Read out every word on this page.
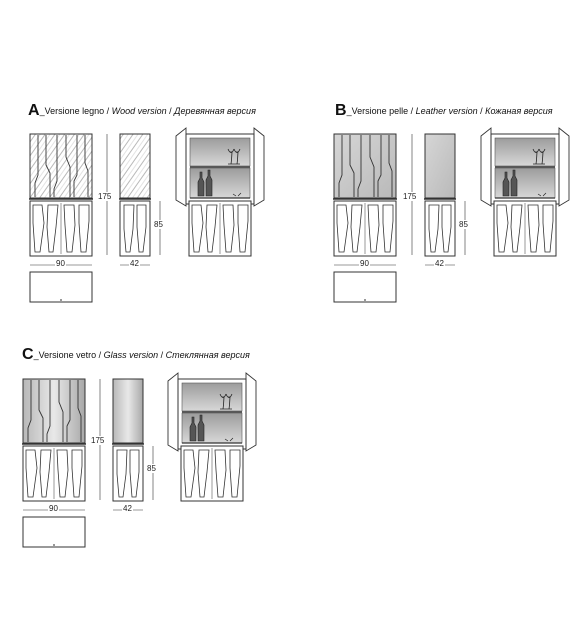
A_Versione legno / Wood version / Деревянная версия	B_Versione pelle / Leather version / Кожаная версия
C_Versione vetro / Glass version / Стеклянная версия
90	42
175
85
90	42
175
85
90	42
175
85
